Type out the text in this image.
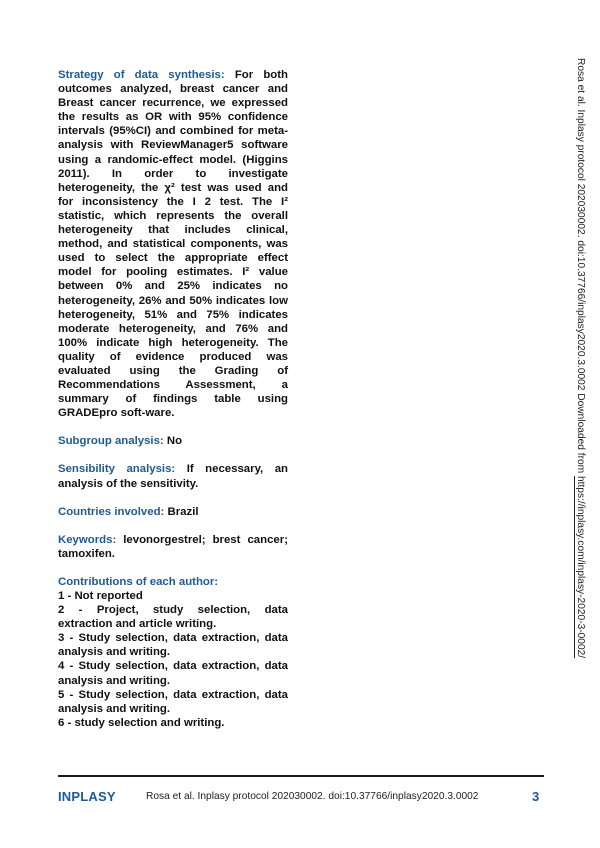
Strategy of data synthesis: For both outcomes analyzed, breast cancer and Breast cancer recurrence, we expressed the results as OR with 95% confidence intervals (95%CI) and combined for meta-analysis with ReviewManager5 software using a randomic-effect model. (Higgins 2011). In order to investigate heterogeneity, the χ² test was used and for inconsistency the I 2 test. The I² statistic, which represents the overall heterogeneity that includes clinical, method, and statistical components, was used to select the appropriate effect model for pooling estimates. I² value between 0% and 25% indicates no heterogeneity, 26% and 50% indicates low heterogeneity, 51% and 75% indicates moderate heterogeneity, and 76% and 100% indicate high heterogeneity. The quality of evidence produced was evaluated using the Grading of Recommendations Assessment, a summary of findings table using GRADEpro soft-ware.

Subgroup analysis: No

Sensibility analysis: If necessary, an analysis of the sensitivity.

Countries involved: Brazil

Keywords: levonorgestrel; brest cancer; tamoxifen.

Contributions of each author:
1 - Not reported
2 - Project, study selection, data extraction and article writing.
3 - Study selection, data extraction, data analysis and writing.
4 - Study selection, data extraction, data analysis and writing.
5 - Study selection, data extraction, data analysis and writing.
6 - study selection and writing.
Rosa et al. Inplasy protocol 202030002. doi:10.37766/inplasy2020.3.0002 Downloaded from https://inplasy.com/inplasy-2020-3-0002/
INPLASY	Rosa et al. Inplasy protocol 202030002. doi:10.37766/inplasy2020.3.0002	3
